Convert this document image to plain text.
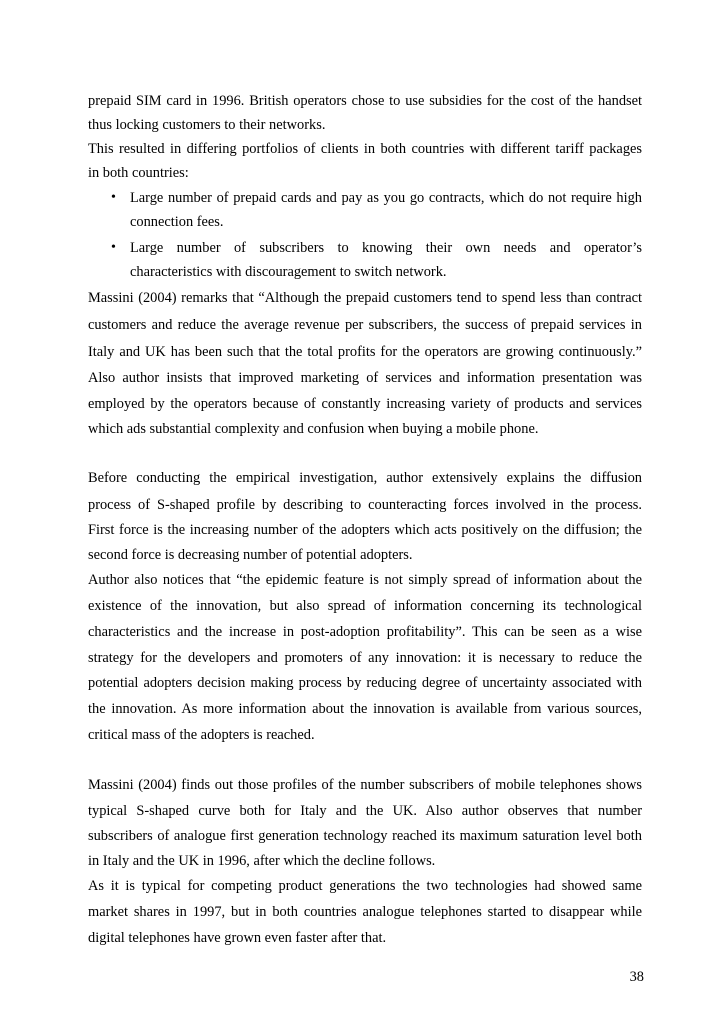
prepaid SIM card in 1996. British operators chose to use subsidies for the cost of the handset
thus locking customers to their networks.
This resulted in differing portfolios of clients in both countries with different tariff packages
in both countries:
• Large number of prepaid cards and pay as you go contracts, which do not require high
connection fees.
• Large number of subscribers to knowing their own needs and operator’s
characteristics with discouragement to switch network.
Massini (2004) remarks that “Although the prepaid customers tend to spend less than contract
customers and reduce the average revenue per subscribers, the success of prepaid services in
Italy and UK has been such that the total profits for the operators are growing continuously.”
Also author insists that improved marketing of services and information presentation was
employed by the operators because of constantly increasing variety of products and services
which ads substantial complexity and confusion when buying a mobile phone.
Before conducting the empirical investigation, author extensively explains the diffusion
process of S-shaped profile by describing to counteracting forces involved in the process.
First force is the increasing number of the adopters which acts positively on the diffusion; the
second force is decreasing number of potential adopters.
Author also notices that “the epidemic feature is not simply spread of information about the
existence of the innovation, but also spread of information concerning its technological
characteristics and the increase in post-adoption profitability”. This can be seen as a wise
strategy for the developers and promoters of any innovation: it is necessary to reduce the
potential adopters decision making process by reducing degree of uncertainty associated with
the innovation. As more information about the innovation is available from various sources,
critical mass of the adopters is reached.
Massini (2004) finds out those profiles of the number subscribers of mobile telephones shows
typical S-shaped curve both for Italy and the UK. Also author observes that number
subscribers of analogue first generation technology reached its maximum saturation level both
in Italy and the UK in 1996, after which the decline follows.
As it is typical for competing product generations the two technologies had showed same
market shares in 1997, but in both countries analogue telephones started to disappear while
digital telephones have grown even faster after that.
38
